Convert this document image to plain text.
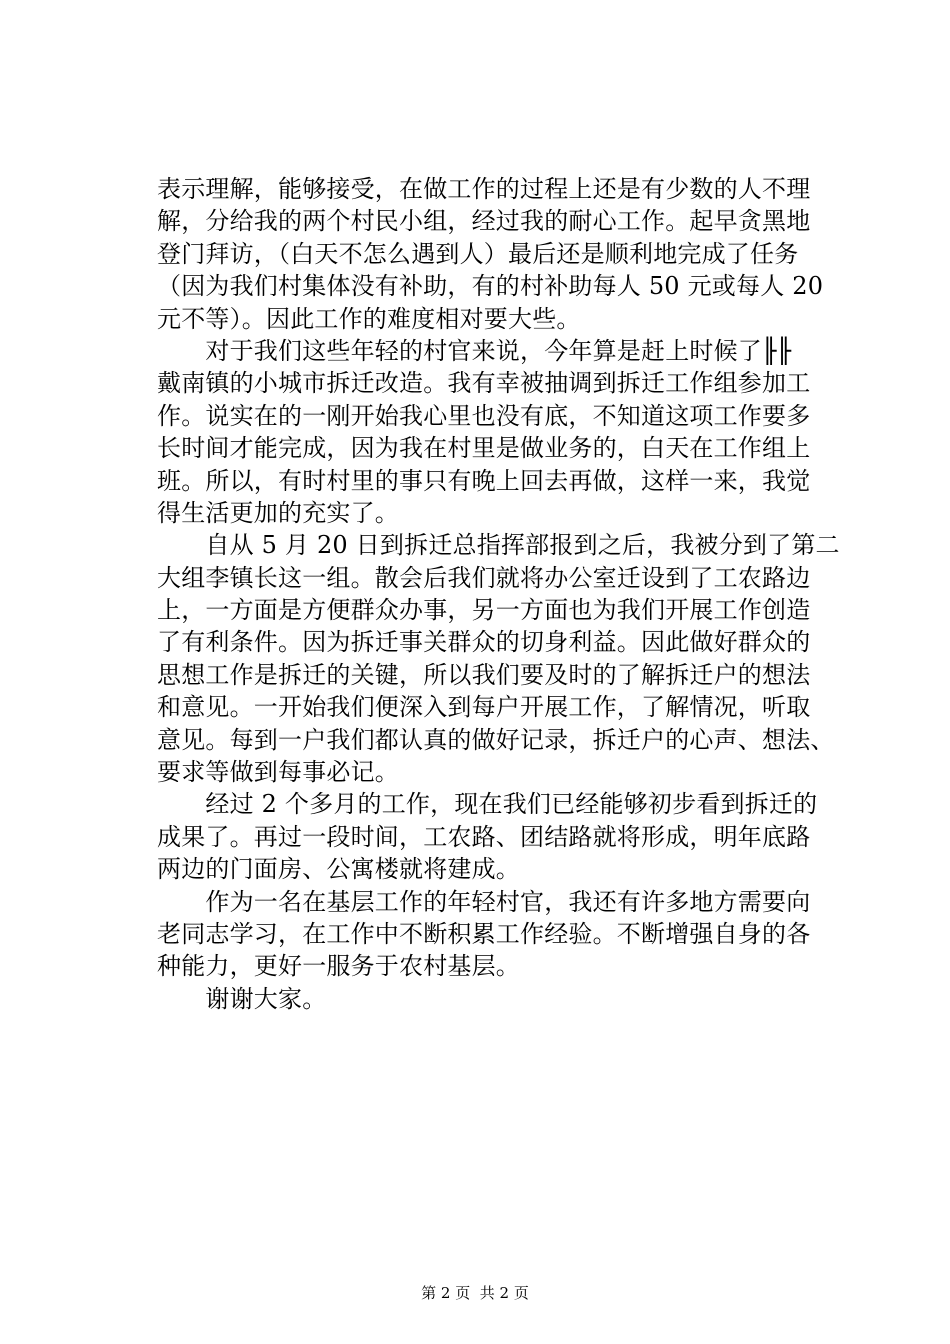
表示理解，能够接受，在做工作的过程上还是有少数的人不理
解，分给我的两个村民小组，经过我的耐心工作。起早贪黑地
登门拜访，（白天不怎么遇到人）最后还是顺利地完成了任务
（因为我们村集体没有补助，有的村补助每人 50 元或每人 20
元不等）。因此工作的难度相对要大些。
　　对于我们这些年轻的村官来说，今年算是赶上时候了╟╟
戴南镇的小城市拆迁改造。我有幸被抽调到拆迁工作组参加工
作。说实在的一刚开始我心里也没有底，不知道这项工作要多
长时间才能完成，因为我在村里是做业务的，白天在工作组上
班。所以，有时村里的事只有晚上回去再做，这样一来，我觉
得生活更加的充实了。
　　自从 5 月 20 日到拆迁总指挥部报到之后，我被分到了第二
大组李镇长这一组。散会后我们就将办公室迁设到了工农路边
上，一方面是方便群众办事，另一方面也为我们开展工作创造
了有利条件。因为拆迁事关群众的切身利益。因此做好群众的
思想工作是拆迁的关键，所以我们要及时的了解拆迁户的想法
和意见。一开始我们便深入到每户开展工作，了解情况，听取
意见。每到一户我们都认真的做好记录，拆迁户的心声、想法、
要求等做到每事必记。
　　经过 2 个多月的工作，现在我们已经能够初步看到拆迁的
成果了。再过一段时间，工农路、团结路就将形成，明年底路
两边的门面房、公寓楼就将建成。
　　作为一名在基层工作的年轻村官，我还有许多地方需要向
老同志学习，在工作中不断积累工作经验。不断增强自身的各
种能力，更好一服务于农村基层。
　　谢谢大家。
第 2 页  共 2 页
